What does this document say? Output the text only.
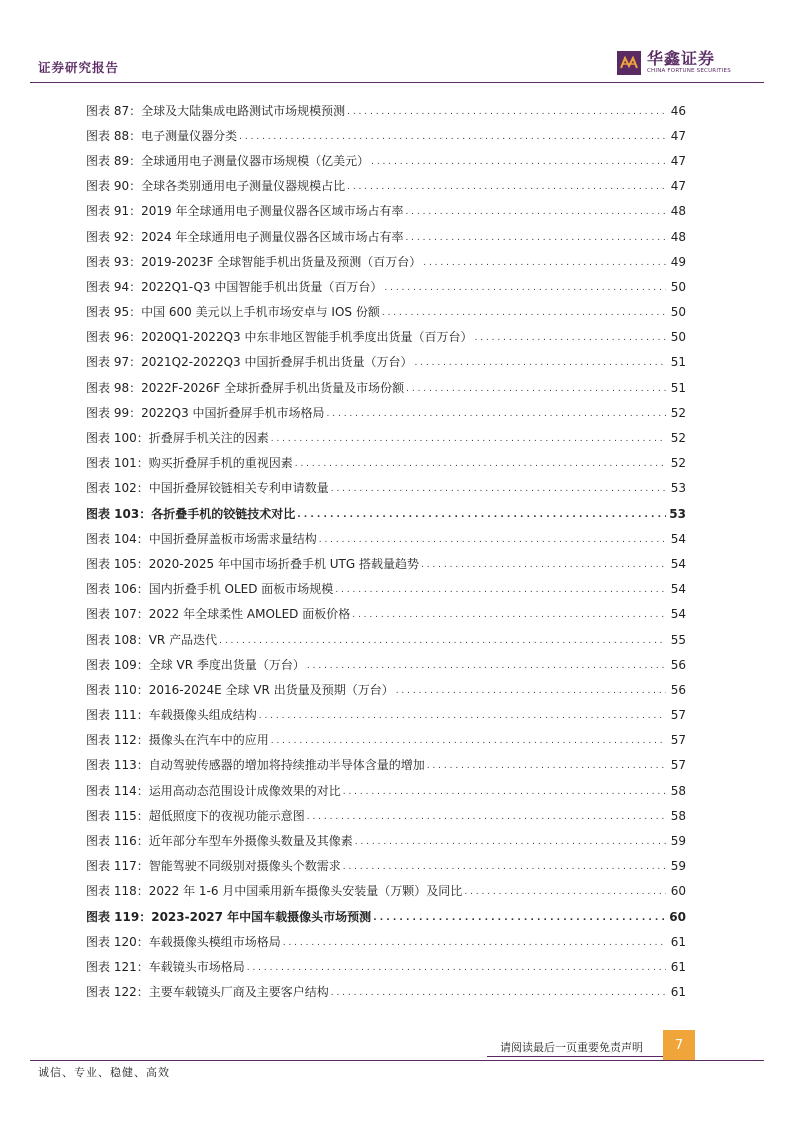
证券研究报告	华鑫证券
CHINA FORTUNE SECURITIES
图表 87：全球及大陆集成电路测试市场规模预测 . . .	46
图表 88：电子测量仪器分类 . . .	47
图表 89：全球通用电子测量仪器市场规模（亿美元） . . .	47
图表 90：全球各类别通用电子测量仪器规模占比 . . .	47
图表 91：2019 年全球通用电子测量仪器各区域市场占有率 . . .	48
图表 92：2024 年全球通用电子测量仪器各区域市场占有率 . . .	48
图表 93：2019-2023F 全球智能手机出货量及预测（百万台） . . .	49
图表 94：2022Q1-Q3 中国智能手机出货量（百万台） . . .	50
图表 95：中国 600 美元以上手机市场安卓与 IOS 份额 . . .	50
图表 96：2020Q1-2022Q3 中东非地区智能手机季度出货量（百万台） . . .	50
图表 97：2021Q2-2022Q3 中国折叠屏手机出货量（万台） . . .	51
图表 98：2022F-2026F 全球折叠屏手机出货量及市场份额 . . .	51
图表 99：2022Q3 中国折叠屏手机市场格局 . . .	52
图表 100：折叠屏手机关注的因素 . . .	52
图表 101：购买折叠屏手机的重视因素 . . .	52
图表 102：中国折叠屏铰链相关专利申请数量 . . .	53
图表 103：各折叠手机的铰链技术对比 . . .	53
图表 104：中国折叠屏盖板市场需求量结构 . . .	54
图表 105：2020-2025 年中国市场折叠手机 UTG 搭载量趋势 . . .	54
图表 106：国内折叠手机 OLED 面板市场规模 . . .	54
图表 107：2022 年全球柔性 AMOLED 面板价格 . . .	54
图表 108：VR 产品迭代 . . .	55
图表 109：全球 VR 季度出货量（万台） . . .	56
图表 110：2016-2024E 全球 VR 出货量及预期（万台） . . .	56
图表 111：车载摄像头组成结构 . . .	57
图表 112：摄像头在汽车中的应用 . . .	57
图表 113：自动驾驶传感器的增加将持续推动半导体含量的增加 . . .	57
图表 114：运用高动态范围设计成像效果的对比 . . .	58
图表 115：超低照度下的夜视功能示意图 . . .	58
图表 116：近年部分车型车外摄像头数量及其像素 . . .	59
图表 117：智能驾驶不同级别对摄像头个数需求 . . .	59
图表 118：2022 年 1-6 月中国乘用新车摄像头安装量（万颗）及同比 . . .	60
图表 119：2023-2027 年中国车载摄像头市场预测 . . .	60
图表 120：车载摄像头模组市场格局 . . .	61
图表 121：车载镜头市场格局 . . .	61
图表 122：主要车载镜头厂商及主要客户结构 . . .	61
请阅读最后一页重要免责声明	7
诚信、专业、稳健、高效
